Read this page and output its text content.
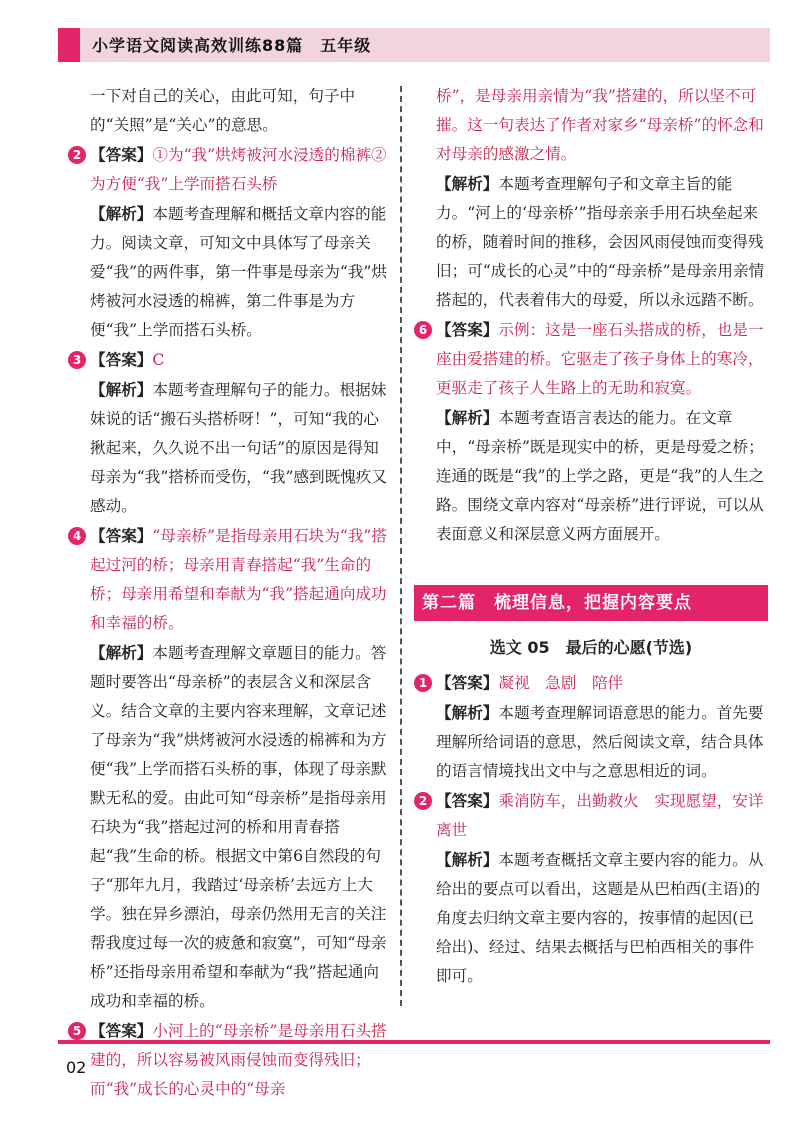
小学语文阅读高效训练88篇　五年级

一下对自己的关心，由此可知，句子中的“关照”是“关心”的意思。

2 【答案】①为“我”烘烤被河水浸透的棉裤②为方便“我”上学而搭石头桥

【解析】本题考查理解和概括文章内容的能力。阅读文章，可知文中具体写了母亲关爱“我”的两件事，第一件事是母亲为“我”烘烤被河水浸透的棉裤，第二件事是为方便“我”上学而搭石头桥。

3 【答案】C

【解析】本题考查理解句子的能力。根据妹妹说的话“搬石头搭桥呀！”，可知“我的心揪起来，久久说不出一句话”的原因是得知母亲为“我”搭桥而受伤，“我”感到既愧疚又感动。

4 【答案】“母亲桥”是指母亲用石块为“我”搭起过河的桥；母亲用青春搭起“我”生命的桥；母亲用希望和奉献为“我”搭起通向成功和幸福的桥。

【解析】本题考查理解文章题目的能力。答题时要答出“母亲桥”的表层含义和深层含义。结合文章的主要内容来理解，文章记述了母亲为“我”烘烤被河水浸透的棉裤和为方便“我”上学而搭石头桥的事，体现了母亲默默无私的爱。由此可知“母亲桥”是指母亲用石块为“我”搭起过河的桥和用青春搭起“我”生命的桥。根据文中第6自然段的句子“那年九月，我踏过‘母亲桥’去远方上大学。独在异乡漂泊，母亲仍然用无言的关注帮我度过每一次的疲惫和寂寞”，可知“母亲桥”还指母亲用希望和奉献为“我”搭起通向成功和幸福的桥。

5 【答案】小河上的“母亲桥”是母亲用石头搭建的，所以容易被风雨侵蚀而变得残旧；而“我”成长的心灵中的“母亲

桥”，是母亲用亲情为“我”搭建的，所以坚不可摧。这一句表达了作者对家乡“母亲桥”的怀念和对母亲的感激之情。

【解析】本题考查理解句子和文章主旨的能力。“河上的‘母亲桥’”指母亲亲手用石块垒起来的桥，随着时间的推移，会因风雨侵蚀而变得残旧；可“成长的心灵”中的“母亲桥”是母亲用亲情搭起的，代表着伟大的母爱，所以永远踏不断。

6 【答案】示例：这是一座石头搭成的桥，也是一座由爱搭建的桥。它驱走了孩子身体上的寒冷，更驱走了孩子人生路上的无助和寂寞。

【解析】本题考查语言表达的能力。在文章中，“母亲桥”既是现实中的桥，更是母爱之桥；连通的既是“我”的上学之路，更是“我”的人生之路。围绕文章内容对“母亲桥”进行评说，可以从表面意义和深层意义两方面展开。

第二篇　梳理信息，把握内容要点
选文 05　最后的心愿(节选)

1 【答案】凝视　急剧　陪伴

【解析】本题考查理解词语意思的能力。首先要理解所给词语的意思，然后阅读文章，结合具体的语言情境找出文中与之意思相近的词。

2 【答案】乘消防车，出勤救火　实现愿望，安详离世

【解析】本题考查概括文章主要内容的能力。从给出的要点可以看出，这题是从巴柏西(主语)的角度去归纳文章主要内容的，按事情的起因(已给出)、经过、结果去概括与巴柏西相关的事件即可。

02
